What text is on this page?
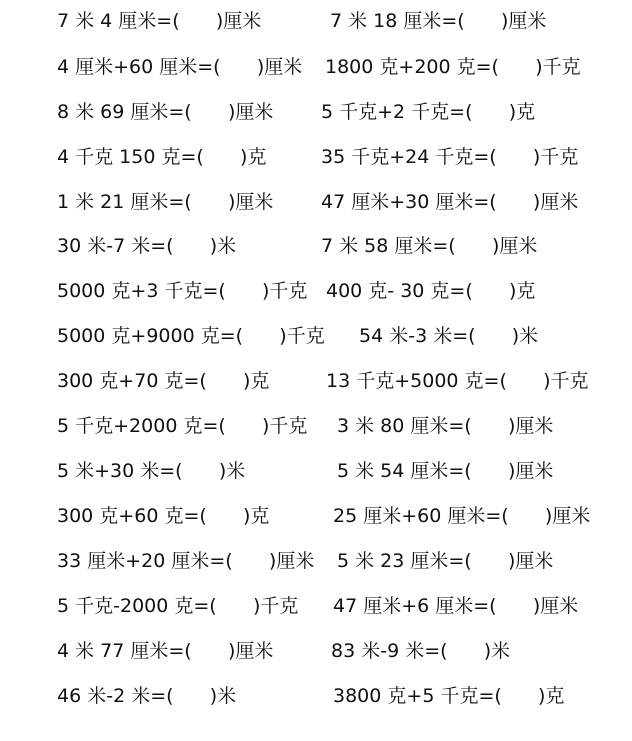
7 米 4 厘米=(      )厘米	7 米 18 厘米=(      )厘米
4 厘米+60 厘米=(      )厘米 1800 克+200 克=(      )千克
8 米 69 厘米=(      )厘米	5 千克+2 千克=(      )克
4 千克 150 克=(      )克	35 千克+24 千克=(      )千克
1 米 21 厘米=(      )厘米	47 厘米+30 厘米=(      )厘米
30 米-7 米=(      )米	7 米 58 厘米=(      )厘米
5000 克+3 千克=(      )千克 400 克- 30 克=(      )克
5000 克+9000 克=(      )千克 54 米-3 米=(      )米
300 克+70 克=(      )克	13 千克+5000 克=(      )千克
5 千克+2000 克=(      )千克 3 米 80 厘米=(      )厘米
5 米+30 米=(      )米	5 米 54 厘米=(      )厘米
300 克+60 克=(      )克	25 厘米+60 厘米=(      )厘米
33 厘米+20 厘米=(      )厘米 5 米 23 厘米=(      )厘米
5 千克-2000 克=(      )千克 47 厘米+6 厘米=(      )厘米
4 米 77 厘米=(      )厘米	83 米-9 米=(      )米
46 米-2 米=(      )米	3800 克+5 千克=(      )克
